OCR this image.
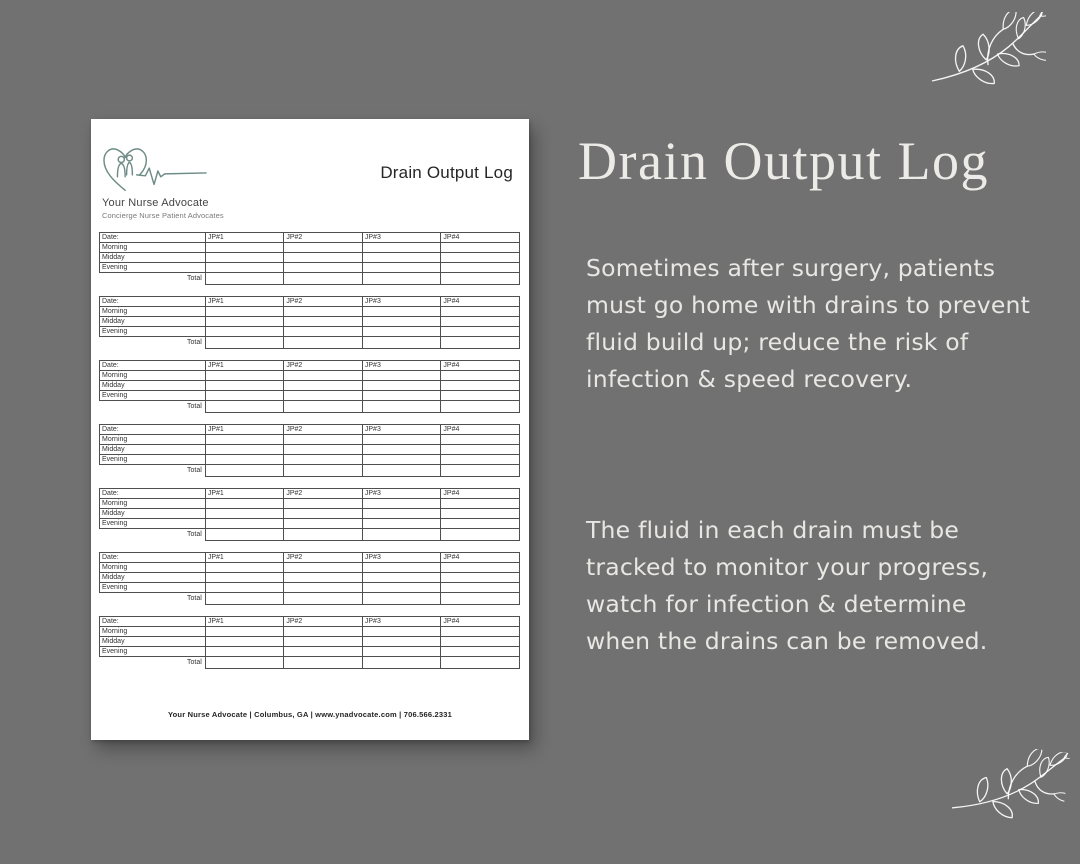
Your Nurse Advocate
Concierge Nurse Patient Advocates
Drain Output Log
Date:	JP#1	JP#2	JP#3	JP#4
Morning				
Midday				
Evening				
Total				
Date:	JP#1	JP#2	JP#3	JP#4
Morning				
Midday				
Evening				
Total				
Date:	JP#1	JP#2	JP#3	JP#4
Morning				
Midday				
Evening				
Total				
Date:	JP#1	JP#2	JP#3	JP#4
Morning				
Midday				
Evening				
Total				
Date:	JP#1	JP#2	JP#3	JP#4
Morning				
Midday				
Evening				
Total				
Date:	JP#1	JP#2	JP#3	JP#4
Morning				
Midday				
Evening				
Total				
Date:	JP#1	JP#2	JP#3	JP#4
Morning				
Midday				
Evening				
Total				
Your Nurse Advocate | Columbus, GA | www.ynadvocate.com | 706.566.2331
Drain Output Log
Sometimes after surgery, patients
must go home with drains to prevent
fluid build up; reduce the risk of
infection & speed recovery.
The fluid in each drain must be
tracked to monitor your progress,
watch for infection & determine
when the drains can be removed.
